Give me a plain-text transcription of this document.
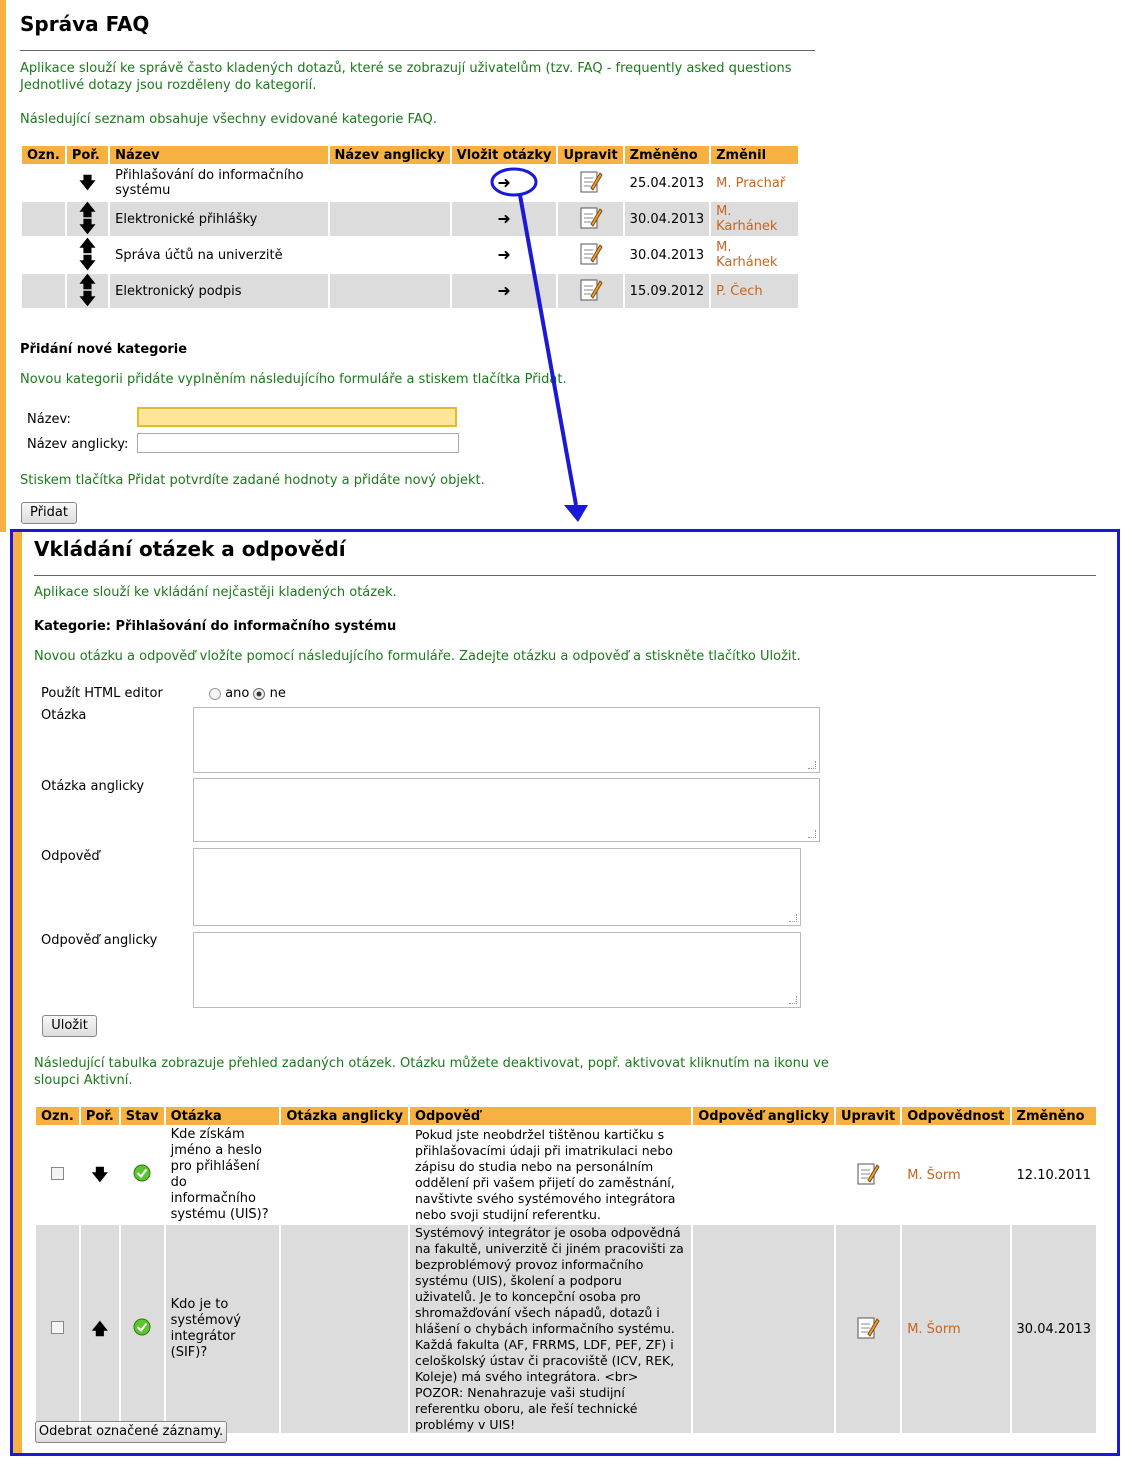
Správa FAQ

Aplikace slouží ke správě často kladených dotazů, které se zobrazují uživatelům (tzv. FAQ - frequently asked questions

Jednotlivé dotazy jsou rozděleny do kategorií.

Následující seznam obsahuje všechny evidované kategorie FAQ.

Ozn.	Poř.	Název	Název anglicky	Vložit otázky	Upravit	Změněno	Změnil
	🡇	Přihlašování do informačního systému		➜		25.04.2013	M. Prachař
	🡅🡇	Elektronické přihlášky		➜		30.04.2013	M. Karhánek
	🡅🡇	Správa účtů na univerzitě		➜		30.04.2013	M. Karhánek
	🡅🡇	Elektronický podpis		➜		15.09.2012	P. Čech

Přidání nové kategorie

Novou kategorii přidáte vyplněním následujícího formuláře a stiskem tlačítka Přidat.

Název:

Název anglicky:

Stiskem tlačítka Přidat potvrdíte zadané hodnoty a přidáte nový objekt.

Přidat
Vkládání otázek a odpovědí

Aplikace slouží ke vkládání nejčastěji kladených otázek.

Kategorie: Přihlašování do informačního systému

Novou otázku a odpověď vložíte pomocí následujícího formuláře. Zadejte otázku a odpověď a stiskněte tlačítko Uložit.

Použít HTML editor	ano ne

Otázka

Otázka anglicky

Odpověď

Odpověď anglicky

Uložit

Následující tabulka zobrazuje přehled zadaných otázek. Otázku můžete deaktivovat, popř. aktivovat kliknutím na ikonu ve

sloupci Aktivní.

Ozn.	Poř.	Stav	Otázka	Otázka anglicky	Odpověď	Odpověď anglicky	Upravit	Odpovědnost	Změněno
	🡇		Kde získám jméno a heslo pro přihlášení do informačního systému (UIS)?		Pokud jste neobdržel tištěnou kartičku s přihlašovacími údaji při imatrikulaci nebo zápisu do studia nebo na personálním oddělení při vašem přijetí do zaměstnání, navštivte svého systémového integrátora nebo svoji studijní referentku.			M. Šorm	12.10.2011
	🡅		Kdo je to systémový integrátor (SIF)?		Systémový integrátor je osoba odpovědná na fakultě, univerzitě či jiném pracovišti za bezproblémový provoz informačního systému (UIS), školení a podporu uživatelů. Je to koncepční osoba pro shromažďování všech nápadů, dotazů i hlášení o chybách informačního systému. Každá fakulta (AF, FRRMS, LDF, PEF, ZF) i celoškolský ústav či pracoviště (ICV, REK, Koleje) má svého integrátora. <br> POZOR: Nenahrazuje vaši studijní referentku oboru, ale řeší technické problémy v UIS!			M. Šorm	30.04.2013
Odebrat označené záznamy.
